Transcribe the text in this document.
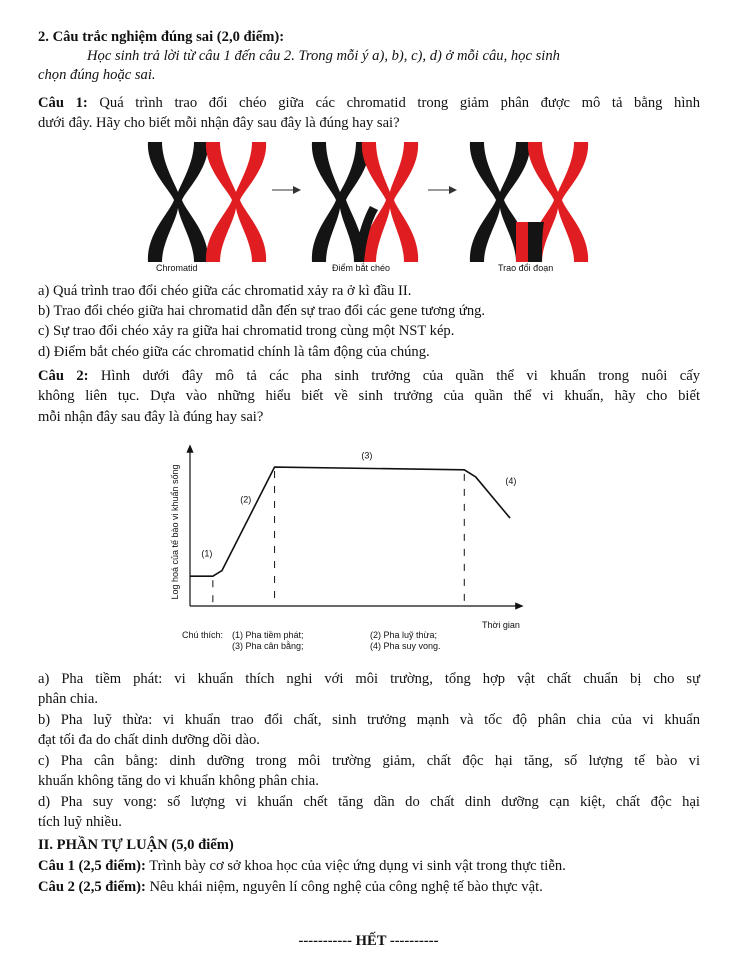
2. Câu trắc nghiệm đúng sai (2,0 điểm):
Học sinh trả lời từ câu 1 đến câu 2. Trong mỗi ý a), b), c), d) ở mỗi câu, học sinh
chọn đúng hoặc sai.
Câu 1: Quá trình trao đổi chéo giữa các chromatid trong giảm phân được mô tả bằng hình
dưới đây. Hãy cho biết mỗi nhận đây sau đây là đúng hay sai?
Chromatid	Điểm bắt chéo	Trao đổi đoạn
a) Quá trình trao đổi chéo giữa các chromatid xảy ra ở kì đầu II.
b) Trao đổi chéo giữa hai chromatid dẫn đến sự trao đổi các gene tương ứng.
c) Sự trao đổi chéo xảy ra giữa hai chromatid trong cùng một NST kép.
d) Điểm bắt chéo giữa các chromatid chính là tâm động của chúng.
Câu 2: Hình dưới đây mô tả các pha sinh trưởng của quần thể vi khuẩn trong nuôi cấy
không liên tục. Dựa vào những hiểu biết về sinh trưởng của quần thể vi khuẩn, hãy cho biết
mỗi nhận đây sau đây là đúng hay sai?
Log hoá của tế bào vi khuẩn sống (1)
(2)
(3)
(4)
Thời gian
Chú thích: (1) Pha tiềm phát;	(2) Pha luỹ thừa;
(3) Pha cân bằng;	(4) Pha suy vong.
a) Pha tiềm phát: vi khuẩn thích nghi với môi trường, tổng hợp vật chất chuẩn bị cho sự
phân chia.
b) Pha luỹ thừa: vi khuẩn trao đổi chất, sinh trưởng mạnh và tốc độ phân chia của vi khuẩn
đạt tối đa do chất dinh dưỡng dồi dào.
c) Pha cân bằng: dinh dưỡng trong môi trường giảm, chất độc hại tăng, số lượng tế bào vi
khuẩn không tăng do vi khuẩn không phân chia.
d) Pha suy vong: số lượng vi khuẩn chết tăng dần do chất dinh dưỡng cạn kiệt, chất độc hại
tích luỹ nhiều.
II. PHẦN TỰ LUẬN (5,0 điểm)
Câu 1 (2,5 điểm): Trình bày cơ sở khoa học của việc ứng dụng vi sinh vật trong thực tiễn.
Câu 2 (2,5 điểm): Nêu khái niệm, nguyên lí công nghệ của công nghệ tế bào thực vật.
----------- HẾT ----------
